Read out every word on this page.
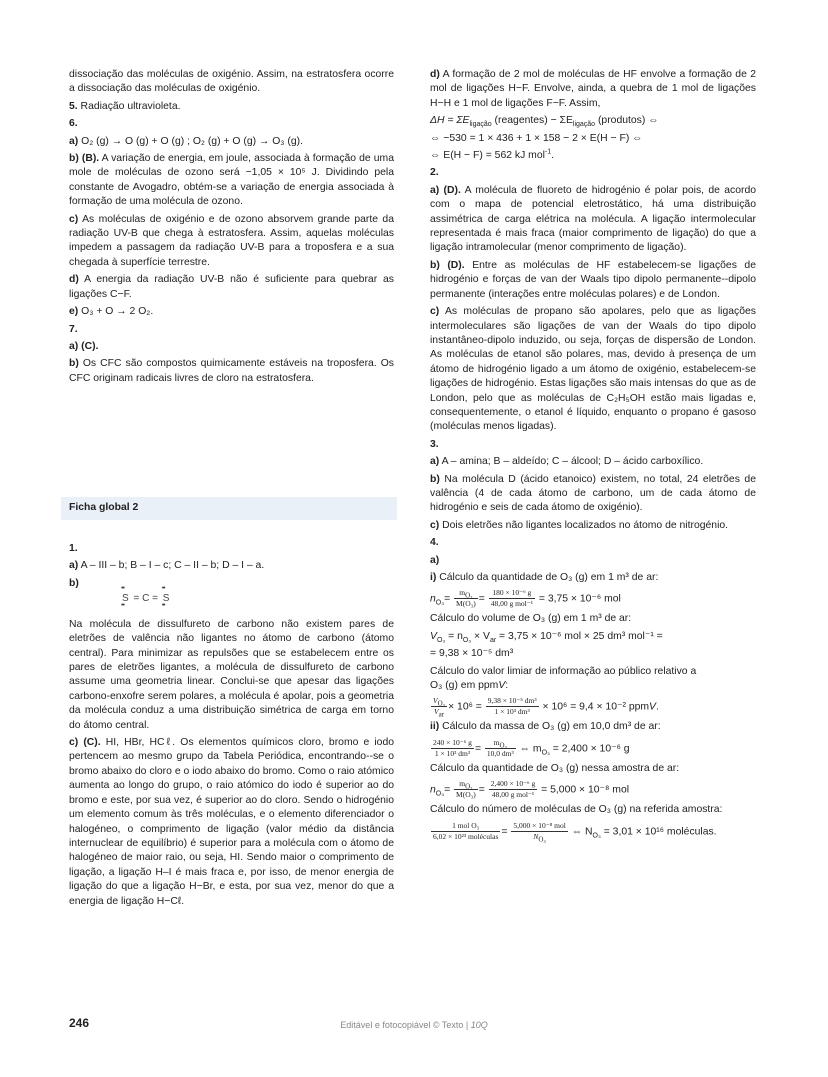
dissociação das moléculas de oxigénio. Assim, na estratosfera ocorre a dissociação das moléculas de oxigénio.

5. Radiação ultravioleta.

6.

a) O₂ (g) → O (g) + O (g) ; O₂ (g) + O (g) → O₃ (g).

b) (B). A variação de energia, em joule, associada à formação de uma mole de moléculas de ozono será −1,05 × 10⁵ J. Dividindo pela constante de Avogadro, obtém-se a variação de energia associada à formação de uma molécula de ozono.

c) As moléculas de oxigénio e de ozono absorvem grande parte da radiação UV-B que chega à estratosfera. Assim, aquelas moléculas impedem a passagem da radiação UV-B para a troposfera e a sua chegada à superfície terrestre.

d) A energia da radiação UV-B não é suficiente para quebrar as ligações C−F.

e) O₃ + O → 2 O₂.

7.

a) (C).

b) Os CFC são compostos quimicamente estáveis na troposfera. Os CFC originam radicais livres de cloro na estratosfera.

Ficha global 2
1.

a) A – III – b; B – I – c; C – II – b; D – I – a.

b)

Na molécula de dissulfureto de carbono não existem pares de eletrões de valência não ligantes no átomo de carbono (átomo central). Para minimizar as repulsões que se estabelecem entre os pares de eletrões ligantes, a molécula de dissulfureto de carbono assume uma geometria linear. Conclui-se que apesar das ligações carbono-enxofre serem polares, a molécula é apolar, pois a geometria da molécula conduz a uma distribuição simétrica de carga em torno do átomo central.

c) (C). HI, HBr, HCℓ. Os elementos químicos cloro, bromo e iodo pertencem ao mesmo grupo da Tabela Periódica, encontrando--se o bromo abaixo do cloro e o iodo abaixo do bromo. Como o raio atómico aumenta ao longo do grupo, o raio atómico do iodo é superior ao do bromo e este, por sua vez, é superior ao do cloro. Sendo o hidrogénio um elemento comum às três moléculas, e o elemento diferenciador o halogéneo, o comprimento de ligação (valor médio da distância internuclear de equilíbrio) é superior para a molécula com o átomo de halogéneo de maior raio, ou seja, HI. Sendo maior o comprimento de ligação, a ligação H–I é mais fraca e, por isso, de menor energia de ligação do que a ligação H−Br, e esta, por sua vez, menor do que a energia de ligação H−Cℓ.

••
S
••
= C =
••
S
••

d) A formação de 2 mol de moléculas de HF envolve a formação de 2 mol de ligações H−F. Envolve, ainda, a quebra de 1 mol de ligações H−H e 1 mol de ligações F−F. Assim,

$\Delta H = \Sigma E_{ligação}$ (reagentes) − $\Sigma E_{ligação}$ (produtos) ⇔
⇔ −530 = 1 × 436 + 1 × 158 − 2 × E(H − F) ⇔
⇔ E(H − F) = 562 kJ mol$^{-1}$.
2.

a) (D). A molécula de fluoreto de hidrogénio é polar pois, de acordo com o mapa de potencial eletrostático, há uma distribuição assimétrica de carga elétrica na molécula. A ligação intermolecular representada é mais fraca (maior comprimento de ligação) do que a ligação intramolecular (menor comprimento de ligação).

b) (D). Entre as moléculas de HF estabelecem-se ligações de hidrogénio e forças de van der Waals tipo dipolo permanente--dipolo permanente (interações entre moléculas polares) e de London.

c) As moléculas de propano são apolares, pelo que as ligações intermoleculares são ligações de van der Waals do tipo dipolo instantâneo-dipolo induzido, ou seja, forças de dispersão de London. As moléculas de etanol são polares, mas, devido à presença de um átomo de hidrogénio ligado a um átomo de oxigénio, estabelecem-se ligações de hidrogénio. Estas ligações são mais intensas do que as de London, pelo que as moléculas de C₂H₅OH estão mais ligadas e, consequentemente, o etanol é líquido, enquanto o propano é gasoso (moléculas menos ligadas).

3.

a) A – amina; B – aldeído; C – álcool; D – ácido carboxílico.

b) Na molécula D (ácido etanoico) existem, no total, 24 eletrões de valência (4 de cada átomo de carbono, um de cada átomo de hidrogénio e seis de cada átomo de oxigénio).

c) Dois eletrões não ligantes localizados no átomo de nitrogénio.

4.
a)

i) Cálculo da quantidade de O₃ (g) em 1 m³ de ar:

$n_{O_3}= \frac{m_{O_3}}{\text{M(O₃)}} = \frac{\text{180 × 10⁻⁶ g}}{\text{48,00 g mol⁻¹}} = 3,75 \times 10^{-6}$ mol

Cálculo do volume de O₃ (g) em 1 m³ de ar:

$V_{O_3} = n_{O_3} \times V_{ar} = 3,75 \times 10^{-6}$ mol × 25 dm³ mol⁻¹ =
= 9,38 × 10⁻⁵ dm³

Cálculo do valor limiar de informação ao público relativo a

O₃ (g) em ppmV:

$\frac{V_{O_3}}{V_{ar}} \times 10^6 = \frac{\text{9,38 × 10⁻⁵ dm³}}{\text{1 × 10³ dm³}} \times 10^6 = 9,4 \times 10^{-2}$ ppmV.

ii) Cálculo da massa de O₃ (g) em 10,0 dm³ de ar:

$\frac{\text{240 × 10⁻⁶ g}}{\text{1 × 10³ dm³}} = \frac{m_{O_3}}{\text{10,0 dm³}}$ ⇔ $m_{O_3} = 2,400 \times 10^{-6}$ g

Cálculo da quantidade de O₃ (g) nessa amostra de ar:

$n_{O_3}= \frac{m_{O_3}}{\text{M(O₃)}} = \frac{\text{2,400 × 10⁻⁶ g}}{\text{48,00 g mol⁻¹}} = 5,000 \times 10^{-8}$ mol

Cálculo do número de moléculas de O₃ (g) na referida amostra:

$\frac{\text{1 mol O₃}}{\text{6,02 × 10²³ moléculas}} = \frac{\text{5,000 × 10⁻⁸ mol}}{N_{O_3}}$ ⇔ $N_{O_3} = 3,01 \times 10^{16}$ moléculas.
246	Editável e fotocopiável © Texto | 10Q
